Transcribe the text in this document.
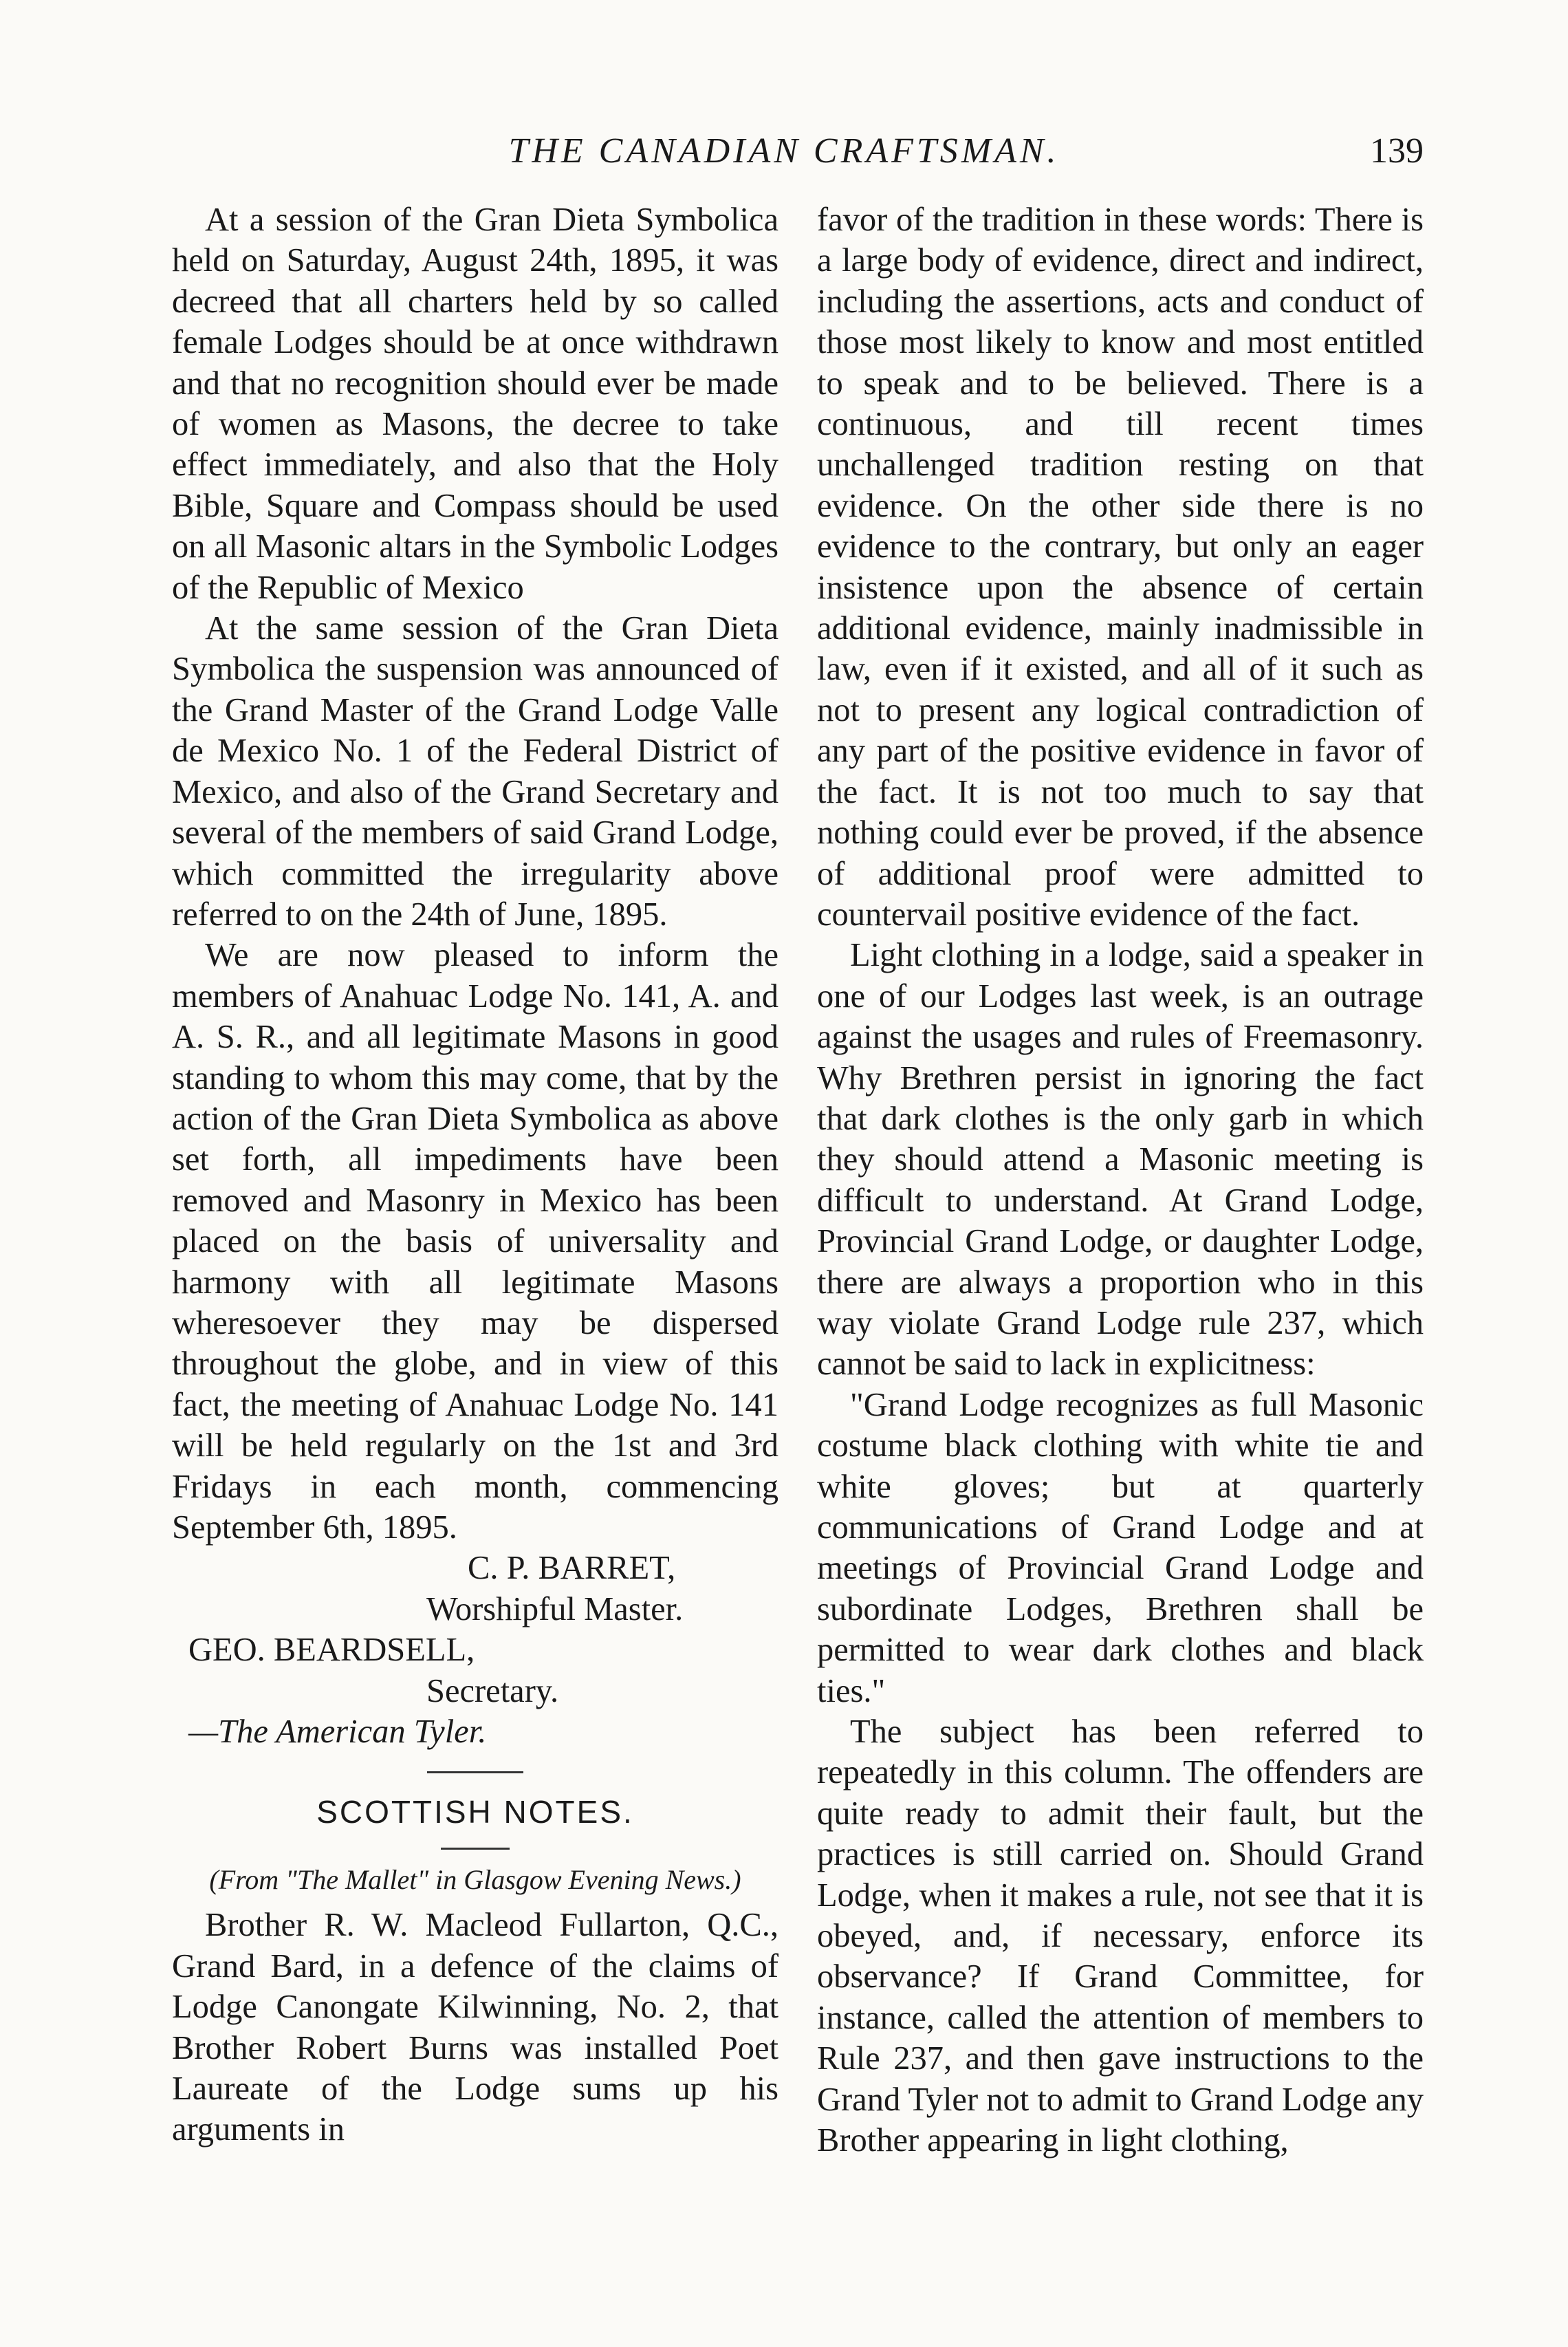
THE CANADIAN CRAFTSMAN.	139

At a session of the Gran Dieta Symbolica held on Saturday, August 24th, 1895, it was decreed that all charters held by so called female Lodges should be at once withdrawn and that no recognition should ever be made of women as Masons, the decree to take effect immediately, and also that the Holy Bible, Square and Compass should be used on all Masonic altars in the Symbolic Lodges of the Republic of Mexico

At the same session of the Gran Dieta Symbolica the suspension was announced of the Grand Master of the Grand Lodge Valle de Mexico No. 1 of the Federal District of Mexico, and also of the Grand Secretary and several of the members of said Grand Lodge, which committed the irregularity above referred to on the 24th of June, 1895.

We are now pleased to inform the members of Anahuac Lodge No. 141, A. and A. S. R., and all legitimate Masons in good standing to whom this may come, that by the action of the Gran Dieta Symbolica as above set forth, all impediments have been removed and Masonry in Mexico has been placed on the basis of universality and harmony with all legitimate Masons wheresoever they may be dispersed throughout the globe, and in view of this fact, the meeting of Anahuac Lodge No. 141 will be held regularly on the 1st and 3rd Fridays in each month, commencing September 6th, 1895.

C. P. BARRET,
Worshipful Master.
GEO. BEARDSELL,
Secretary.
—The American Tyler.
SCOTTISH NOTES.
(From "The Mallet" in Glasgow Evening News.)

Brother R. W. Macleod Fullarton, Q.C., Grand Bard, in a defence of the claims of Lodge Canongate Kilwinning, No. 2, that Brother Robert Burns was installed Poet Laureate of the Lodge sums up his arguments in

favor of the tradition in these words: There is a large body of evidence, direct and indirect, including the assertions, acts and conduct of those most likely to know and most entitled to speak and to be believed. There is a continuous, and till recent times unchallenged tradition resting on that evidence. On the other side there is no evidence to the contrary, but only an eager insistence upon the absence of certain additional evidence, mainly inadmissible in law, even if it existed, and all of it such as not to present any logical contradiction of any part of the positive evidence in favor of the fact. It is not too much to say that nothing could ever be proved, if the absence of additional proof were admitted to countervail positive evidence of the fact.

Light clothing in a lodge, said a speaker in one of our Lodges last week, is an outrage against the usages and rules of Freemasonry. Why Brethren persist in ignoring the fact that dark clothes is the only garb in which they should attend a Masonic meeting is difficult to understand. At Grand Lodge, Provincial Grand Lodge, or daughter Lodge, there are always a proportion who in this way violate Grand Lodge rule 237, which cannot be said to lack in explicitness:

"Grand Lodge recognizes as full Masonic costume black clothing with white tie and white gloves; but at quarterly communications of Grand Lodge and at meetings of Provincial Grand Lodge and subordinate Lodges, Brethren shall be permitted to wear dark clothes and black ties."

The subject has been referred to repeatedly in this column. The offenders are quite ready to admit their fault, but the practices is still carried on. Should Grand Lodge, when it makes a rule, not see that it is obeyed, and, if necessary, enforce its observance? If Grand Committee, for instance, called the attention of members to Rule 237, and then gave instructions to the Grand Tyler not to admit to Grand Lodge any Brother appearing in light clothing,
